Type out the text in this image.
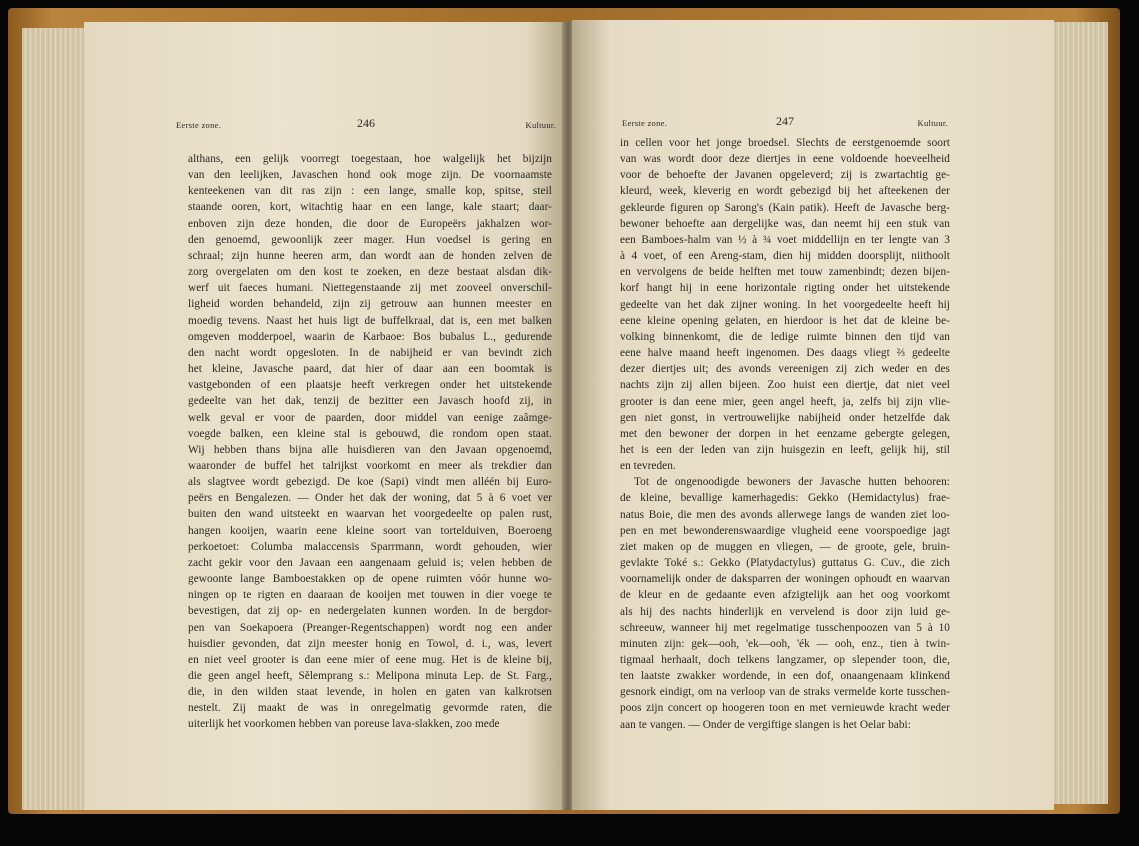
Eerste zone.	246	Kultuur.
althans, een gelijk voorregt toegestaan, hoe walgelijk het bijzijn
van den leelijken, Javaschen hond ook moge zijn. De voornaamste
kenteekenen van dit ras zijn : een lange, smalle kop, spitse, steil
staande ooren, kort, witachtig haar en een lange, kale staart; daar-
enboven zijn deze honden, die door de Europeërs jakhalzen wor-
den genoemd, gewoonlijk zeer mager. Hun voedsel is gering en
schraal; zijn hunne heeren arm, dan wordt aan de honden zelven de
zorg overgelaten om den kost te zoeken, en deze bestaat alsdan dik-
werf uit faeces humani. Niettegenstaande zij met zooveel onverschil-
ligheid worden behandeld, zijn zij getrouw aan hunnen meester en
moedig tevens. Naast het huis ligt de buffelkraal, dat is, een met balken
omgeven modderpoel, waarin de Karbaoe: Bos bubalus L., gedurende
den nacht wordt opgesloten. In de nabijheid er van bevindt zich
het kleine, Javasche paard, dat hier of daar aan een boomtak is
vastgebonden of een plaatsje heeft verkregen onder het uitstekende
gedeelte van het dak, tenzij de bezitter een Javasch hoofd zij, in
welk geval er voor de paarden, door middel van eenige zaâmge-
voegde balken, een kleine stal is gebouwd, die rondom open staat.
Wij hebben thans bijna alle huisdieren van den Javaan opgenoemd,
waaronder de buffel het talrijkst voorkomt en meer als trekdier dan
als slagtvee wordt gebezigd. De koe (Sapi) vindt men alléén bij Euro-
peërs en Bengalezen. — Onder het dak der woning, dat 5 à 6 voet ver
buiten den wand uitsteekt en waarvan het voorgedeelte op palen rust,
hangen kooijen, waarin eene kleine soort van tortelduiven, Boeroeng
perkoetoet: Columba malaccensis Sparrmann, wordt gehouden, wier
zacht gekir voor den Javaan een aangenaam geluid is; velen hebben de
gewoonte lange Bamboestakken op de opene ruimten vóór hunne wo-
ningen op te rigten en daaraan de kooijen met touwen in dier voege te
bevestigen, dat zij op- en nedergelaten kunnen worden. In de bergdor-
pen van Soekapoera (Preanger-Regentschappen) wordt nog een ander
huisdier gevonden, dat zijn meester honig en Towol, d. i., was, levert
en niet veel grooter is dan eene mier of eene mug. Het is de kleine bij,
die geen angel heeft, Sĕlemprang s.: Melipona minuta Lep. de St. Farg.,
die, in den wilden staat levende, in holen en gaten van kalkrotsen
nestelt. Zij maakt de was in onregelmatig gevormde raten, die
uiterlijk het voorkomen hebben van poreuse lava-slakken, zoo mede
Eerste zone.	247	Kultuur.
in cellen voor het jonge broedsel. Slechts de eerstgenoemde soort
van was wordt door deze diertjes in eene voldoende hoeveelheid
voor de behoefte der Javanen opgeleverd; zij is zwartachtig ge-
kleurd, week, kleverig en wordt gebezigd bij het afteekenen der
gekleurde figuren op Sarong's (Kain patik). Heeft de Javasche berg-
bewoner behoefte aan dergelijke was, dan neemt hij een stuk van
een Bamboes-halm van ½ à ¾ voet middellijn en ter lengte van 3
à 4 voet, of een Areng-stam, dien hij midden doorsplijt, niithoolt
en vervolgens de beide helften met touw zamenbindt; dezen bijen-
korf hangt hij in eene horizontale rigting onder het uitstekende
gedeelte van het dak zijner woning. In het voorgedeelte heeft hij
eene kleine opening gelaten, en hierdoor is het dat de kleine be-
volking binnenkomt, die de ledige ruimte binnen den tijd van
eene halve maand heeft ingenomen. Des daags vliegt ⅔ gedeelte
dezer diertjes uit; des avonds vereenigen zij zich weder en des
nachts zijn zij allen bijeen. Zoo huist een diertje, dat niet veel
grooter is dan eene mier, geen angel heeft, ja, zelfs bij zijn vlie-
gen niet gonst, in vertrouwelijke nabijheid onder hetzelfde dak
met den bewoner der dorpen in het eenzame gebergte gelegen,
het is een der leden van zijn huisgezin en leeft, gelijk hij, stil
en tevreden.
Tot de ongenoodigde bewoners der Javasche hutten behooren:
de kleine, bevallige kamerhagedis: Gekko (Hemidactylus) frae-
natus Boie, die men des avonds allerwege langs de wanden ziet loo-
pen en met bewonderenswaardige vlugheid eene voorspoedige jagt
ziet maken op de muggen en vliegen, — de groote, gele, bruin-
gevlakte Toké s.: Gekko (Platydactylus) guttatus G. Cuv., die zich
voornamelijk onder de daksparren der woningen ophoudt en waarvan
de kleur en de gedaante even afzigtelijk aan het oog voorkomt
als hij des nachts hinderlijk en vervelend is door zijn luid ge-
schreeuw, wanneer hij met regelmatige tusschenpoozen van 5 à 10
minuten zijn: gek—ooh, 'ek—ooh, 'ék — ooh, enz., tien à twin-
tigmaal herhaalt, doch telkens langzamer, op slepender toon, die,
ten laatste zwakker wordende, in een dof, onaangenaam klinkend
gesnork eindigt, om na verloop van de straks vermelde korte tusschen-
poos zijn concert op hoogeren toon en met vernieuwde kracht weder
aan te vangen. — Onder de vergiftige slangen is het Oelar babi:
